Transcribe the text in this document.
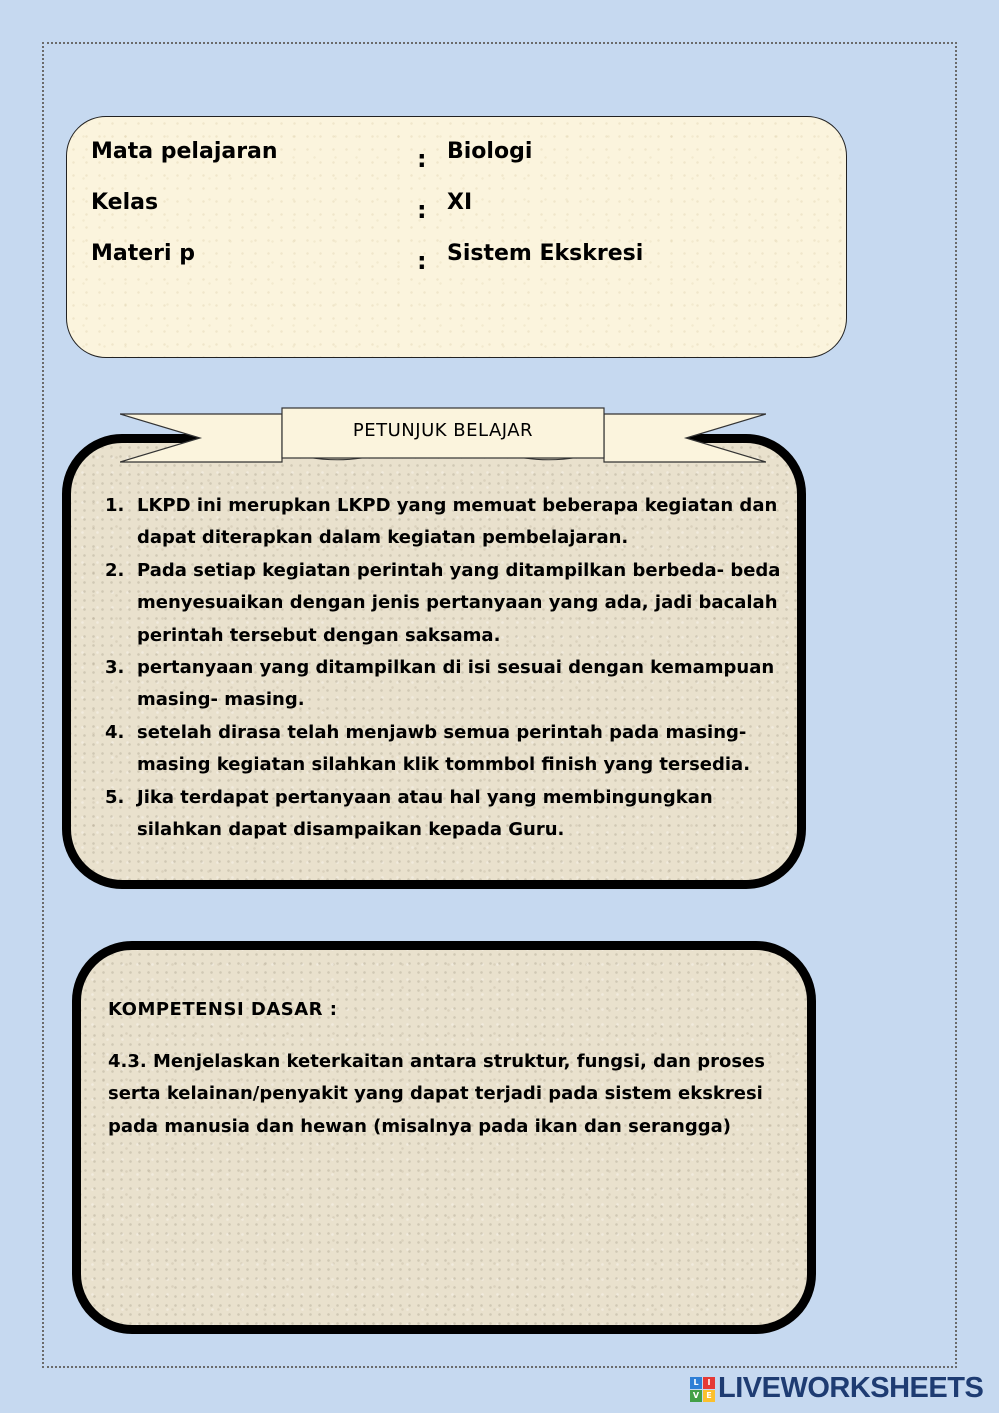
Mata pelajaran	: Biologi
Kelas	: XI
Materi p	: Sistem Ekskresi
PETUNJUK BELAJAR
1. LKPD ini merupkan LKPD yang memuat beberapa kegiatan dan dapat diterapkan dalam kegiatan pembelajaran.
2. Pada setiap kegiatan perintah yang ditampilkan berbeda- beda menyesuaikan dengan jenis pertanyaan yang ada, jadi bacalah perintah tersebut dengan saksama.
3. pertanyaan yang ditampilkan di isi sesuai dengan kemampuan masing- masing.
4. setelah dirasa telah menjawb semua perintah pada masing-masing kegiatan silahkan klik tommbol finish yang tersedia.
5. Jika terdapat pertanyaan atau hal yang membingungkan silahkan dapat disampaikan kepada Guru.
KOMPETENSI DASAR :
4.3. Menjelaskan keterkaitan antara struktur, fungsi, dan proses serta kelainan/penyakit yang dapat terjadi pada sistem ekskresi pada manusia dan hewan (misalnya pada ikan dan serangga)
L	I
V E LIVEWORKSHEETS
